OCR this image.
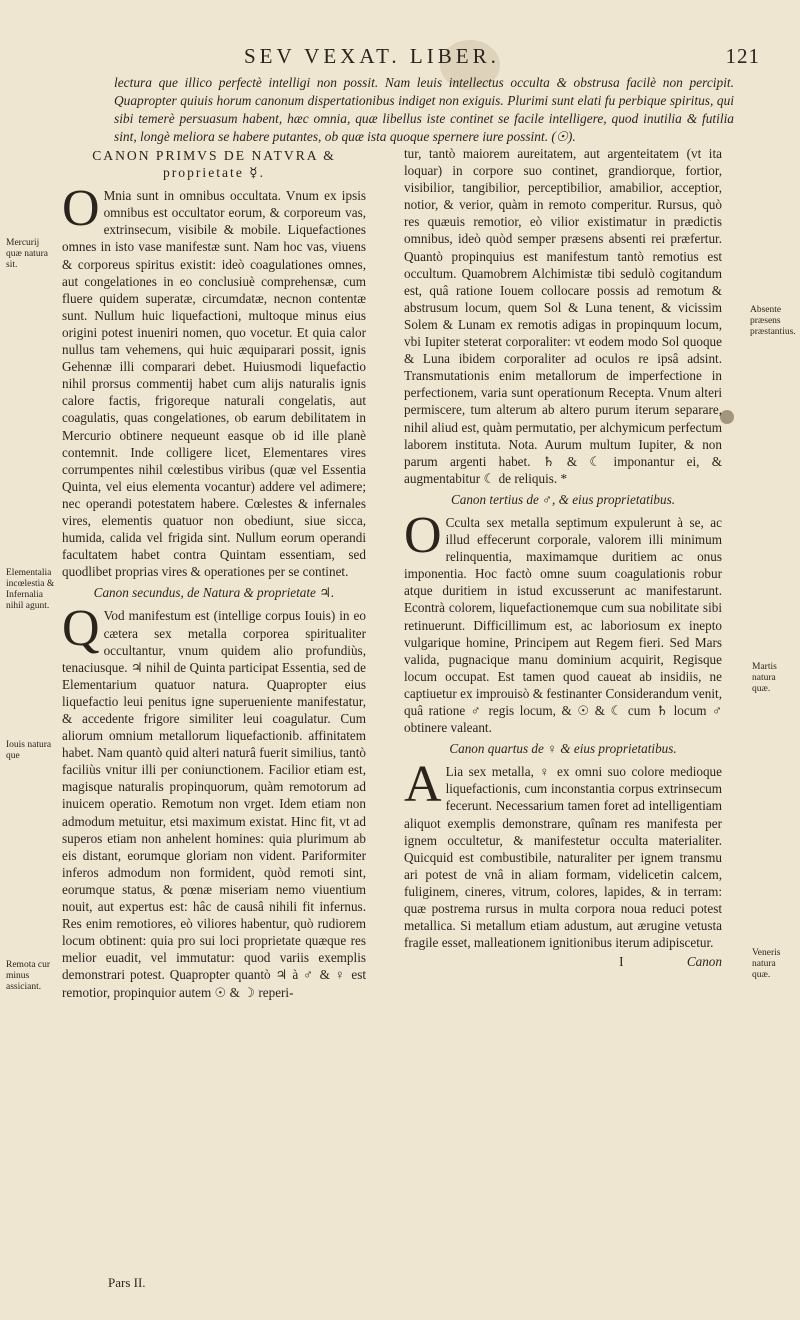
SEV VEXAT. LIBER.	121
lectura que illico perfectè intelligi non possit. Nam leuis intellectus occulta & obstrusa facilè non percipit. Quapropter quiuis horum canonum dispertationibus indiget non exiguis. Plurimi sunt elati fu perbique spiritus, qui sibi temerè persuasum habent, hæc omnia, quæ libellus iste continet se facile intelligere, quod inutilia & futilia sint, longè meliora se habere putantes, ob quæ ista quoque spernere iure possint. (☉).
CANON PRIMVS DE NATVRA & proprietate ☿.

OMnia sunt in omnibus occultata. Vnum ex ipsis omnibus est occultator eorum, & corporeum vas, extrinsecum, visibile & mobile. Liquefactiones omnes in isto vase manifestæ sunt. Nam hoc vas, viuens & corporeus spiritus existit: ideò coagulationes omnes, aut congelationes in eo conclusiuè comprehensæ, cum fluere quidem superatæ, circumdatæ, necnon contentæ sunt. Nullum huic liquefactioni, multoque minus eius origini potest inueniri nomen, quo vocetur. Et quia calor nullus tam vehemens, qui huic æquiparari possit, ignis Gehennæ illi comparari debet. Huiusmodi liquefactio nihil prorsus commentij habet cum alijs naturalis ignis calore factis, frigoreque naturali congelatis, aut coagulatis, quas congelationes, ob earum debilitatem in Mercurio obtinere nequeunt easque ob id ille planè contemnit. Inde colligere licet, Elementares vires corrumpentes nihil cœlestibus viribus (quæ vel Essentia Quinta, vel eius elementa vocantur) addere vel adimere; nec operandi potestatem habere. Cœlestes & infernales vires, elementis quatuor non obediunt, siue sicca, humida, calida vel frigida sint. Nullum eorum operandi facultatem habet contra Quintam essentiam, sed quodlibet proprias vires & operationes per se continet.

Canon secundus, de Natura & proprietate ♃.

QVod manifestum est (intellige corpus Iouis) in eo cætera sex metalla corporea spiritualiter occultantur, vnum quidem alio profundiùs, tenaciusque. ♃ nihil de Quinta participat Essentia, sed de Elementarium quatuor natura. Quapropter eius liquefactio leui penitus igne superueniente manifestatur, & accedente frigore similiter leui coagulatur. Cum aliorum omnium metallorum liquefactionib. affinitatem habet. Nam quantò quid alteri naturâ fuerit similius, tantò faciliùs vnitur illi per coniunctionem. Facilior etiam est, magisque naturalis propinquorum, quàm remotorum ad inuicem operatio. Remotum non vrget. Idem etiam non admodum metuitur, etsi maximum existat. Hinc fit, vt ad superos etiam non anhelent homines: quia plurimum ab eis distant, eorumque gloriam non vident. Pariformiter inferos admodum non formident, quòd remoti sint, eorumque status, & pœnæ miseriam nemo viuentium nouit, aut expertus est: hâc de causâ nihili fit infernus. Res enim remotiores, eò viliores habentur, quò rudiorem locum obtinent: quia pro sui loci proprietate quæque res melior euadit, vel immutatur: quod variis exemplis demonstrari potest. Quapropter quantò ♃ à ♂ & ♀ est remotior, propinquior autem ☉ & ☽ reperi-

Pars II.

tur, tantò maiorem aureitatem, aut argenteitatem (vt ita loquar) in corpore suo continet, grandiorque, fortior, visibilior, tangibilior, perceptibilior, amabilior, acceptior, notior, & verior, quàm in remoto comperitur. Rursus, quò res quæuis remotior, eò vilior existimatur in prædictis omnibus, ideò quòd semper præsens absenti rei præfertur. Quantò propinquius est manifestum tantò remotius est occultum. Quamobrem Alchimistæ tibi sedulò cogitandum est, quâ ratione Iouem collocare possis ad remotum & abstrusum locum, quem Sol & Luna tenent, & vicissim Solem & Lunam ex remotis adigas in propinquum locum, vbi Iupiter steterat corporaliter: vt eodem modo Sol quoque & Luna ibidem corporaliter ad oculos re ipsâ adsint. Transmutationis enim metallorum de imperfectione in perfectionem, varia sunt operationum Recepta. Vnum alteri permiscere, tum alterum ab altero purum iterum separare, nihil aliud est, quàm permutatio, per alchymicum perfectum laborem instituta. Nota. Aurum multum Iupiter, & non parum argenti habet. ♄ & ☾ imponantur ei, & augmentabitur ☾ de reliquis. *

Canon tertius de ♂, & eius proprietatibus.

OCculta sex metalla septimum expulerunt à se, ac illud effecerunt corporale, valorem illi minimum relinquentia, maximamque duritiem ac onus imponentia. Hoc factò omne suum coagulationis robur atque duritiem in istud excusserunt ac manifestarunt. Econtrà colorem, liquefactionemque cum sua nobilitate sibi retinuerunt. Difficillimum est, ac laboriosum ex inepto vulgarique homine, Principem aut Regem fieri. Sed Mars valida, pugnacique manu dominium acquirit, Regisque locum occupat. Est tamen quod caueat ab insidiis, ne captiuetur ex improuisò & festinanter Considerandum venit, quâ ratione ♂ regis locum, & ☉ & ☾ cum ♄ locum ♂ obtinere valeant.

Canon quartus de ♀ & eius proprietatibus.

ALia sex metalla, ♀ ex omni suo colore medioque liquefactionis, cum inconstantia corpus extrinsecum fecerunt. Necessarium tamen foret ad intelligentiam aliquot exemplis demonstrare, quînam res manifesta per ignem occultetur, & manifestetur occulta materialiter. Quicquid est combustibile, naturaliter per ignem transmu ari potest de vnâ in aliam formam, videlicetin calcem, fuliginem, cineres, vitrum, colores, lapides, & in terram: quæ postrema rursus in multa corpora noua reduci potest metallica. Si metallum etiam adustum, aut ærugine vetusta fragile esset, malleationem ignitionibus iterum adipiscetur.

I	Canon
Mercurij quæ natura sit.
Elementalia incœlestia & Infernalia nihil agunt.
Iouis natura que
Remota cur minus assiciant.
Absente præsens præstantius.
Martis natura quæ.
Veneris natura quæ.
